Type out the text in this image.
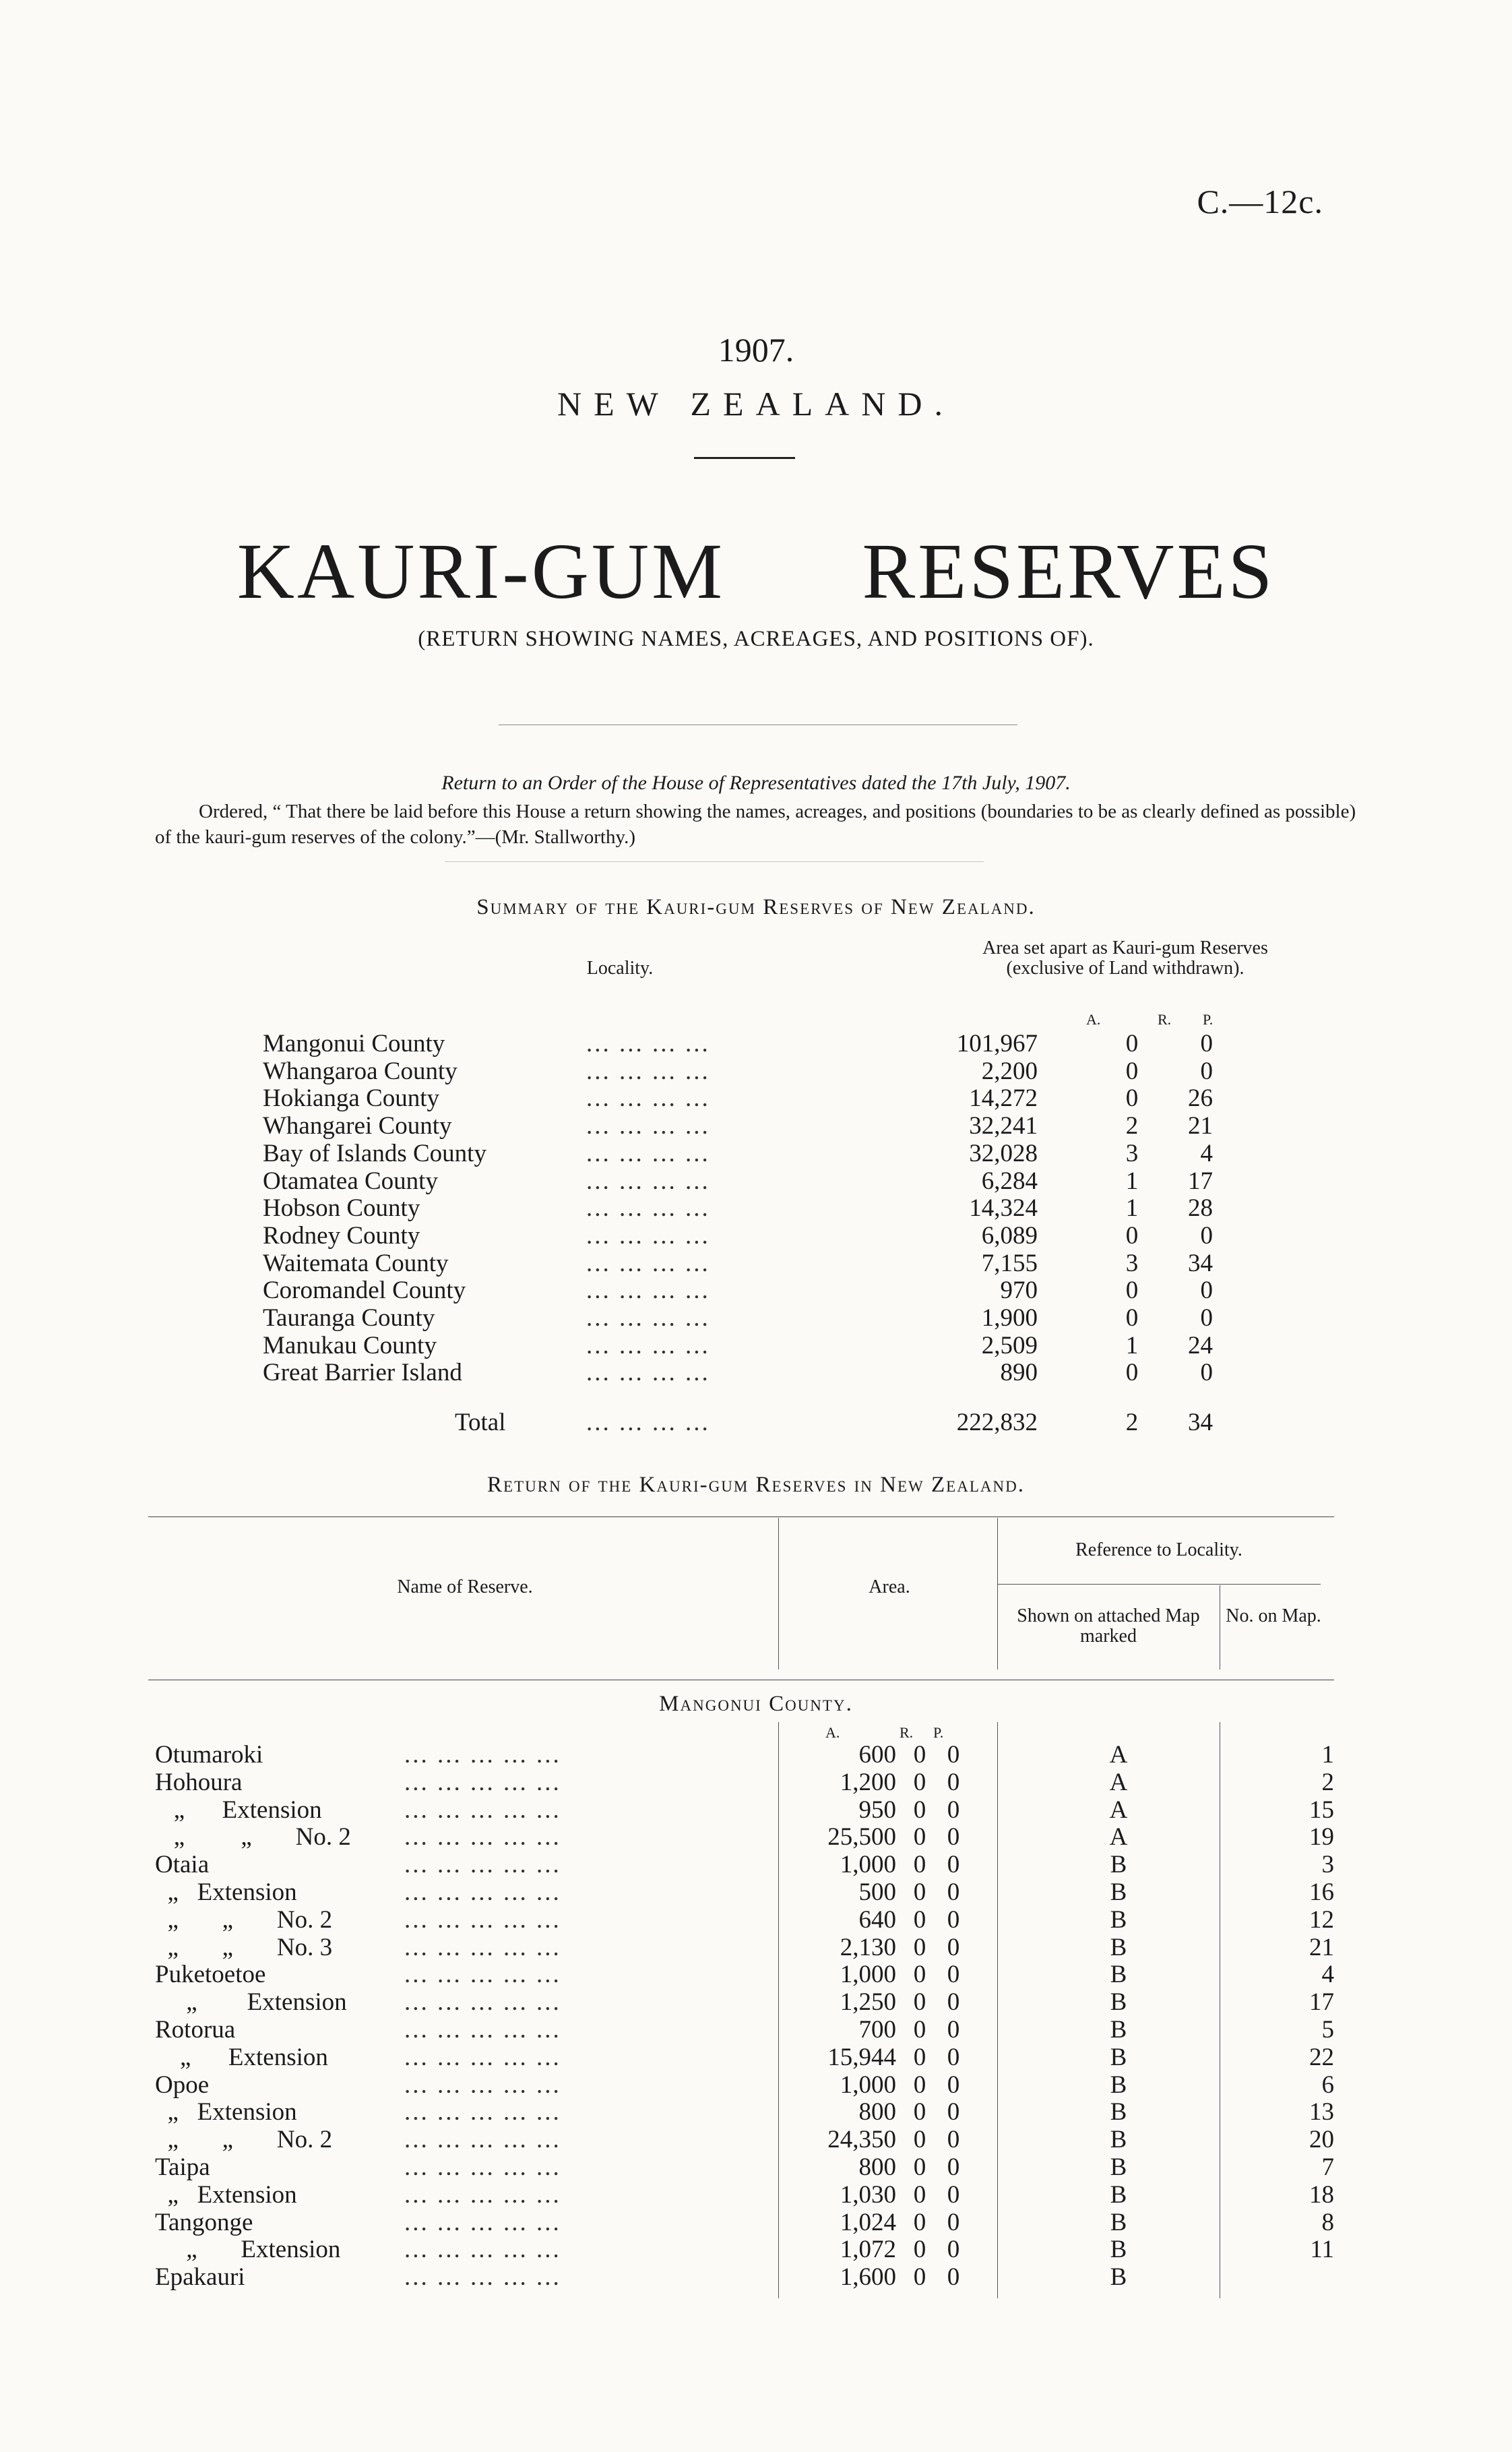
C.—12c.
1907.
NEW ZEALAND.
KAURI-GUM RESERVES
(RETURN SHOWING NAMES, ACREAGES, AND POSITIONS OF).
Return to an Order of the House of Representatives dated the 17th July, 1907.
Ordered, “ That there be laid before this House a return showing the names, acreages, and positions (boundaries to be as clearly defined as possible) of the kauri-gum reserves of the colony.”—(Mr. Stallworthy.)
Summary of the Kauri-gum Reserves of New Zealand.
Locality.
Area set apart as Kauri-gum Reserves (exclusive of Land withdrawn).
A.	R. P.
Mangonui County	... ... ... ...	101,967	0	0
Whangaroa County	... ... ... ...	2,200	0	0
Hokianga County	... ... ... ...	14,272	0	26
Whangarei County	... ... ... ...	32,241	2	21
Bay of Islands County	... ... ... ...	32,028	3	4
Otamatea County	... ... ... ...	6,284	1	17
Hobson County	... ... ... ...	14,324	1	28
Rodney County	... ... ... ...	6,089	0	0
Waitemata County	... ... ... ...	7,155	3	34
Coromandel County	... ... ... ...	970	0	0
Tauranga County	... ... ... ...	1,900	0	0
Manukau County	... ... ... ...	2,509	1	24
Great Barrier Island	... ... ... ...	890	0	0
Total	... ... ... ...	222,832	2	34
Return of the Kauri-gum Reserves in New Zealand.
Name of Reserve.	Area.
Reference to Locality.
Shown on attached Map marked
No. on Map.
Mangonui County.
A.	R. P.
Otumaroki	... ... ... ... ...	600 0 0	A	1
Hohoura	... ... ... ... ...	1,200 0 0	A	2
„      Extension	... ... ... ... ...	950 0 0	A	15
„         „       No. 2 ... ... ... ... ...	25,500 0 0	A	19
Otaia	... ... ... ... ...	1,000 0 0	B	3
„   Extension	... ... ... ... ...	500 0 0	B	16
„       „       No. 2	... ... ... ... ...	640 0 0	B	12
„       „       No. 3	... ... ... ... ...	2,130 0 0	B	21
Puketoetoe	... ... ... ... ...	1,000 0 0	B	4
„        Extension ... ... ... ... ...	1,250 0 0	B	17
Rotorua	... ... ... ... ...	700 0 0	B	5
„      Extension	... ... ... ... ...	15,944 0 0	B	22
Opoe	... ... ... ... ...	1,000 0 0	B	6
„   Extension	... ... ... ... ...	800 0 0	B	13
„       „       No. 2	... ... ... ... ...	24,350 0 0	B	20
Taipa	... ... ... ... ...	800 0 0	B	7
„   Extension	... ... ... ... ...	1,030 0 0	B	18
Tangonge	... ... ... ... ...	1,024 0 0	B	8
„       Extension	... ... ... ... ...	1,072 0 0	B	11
Epakauri	... ... ... ... ...	1,600 0 0	B
